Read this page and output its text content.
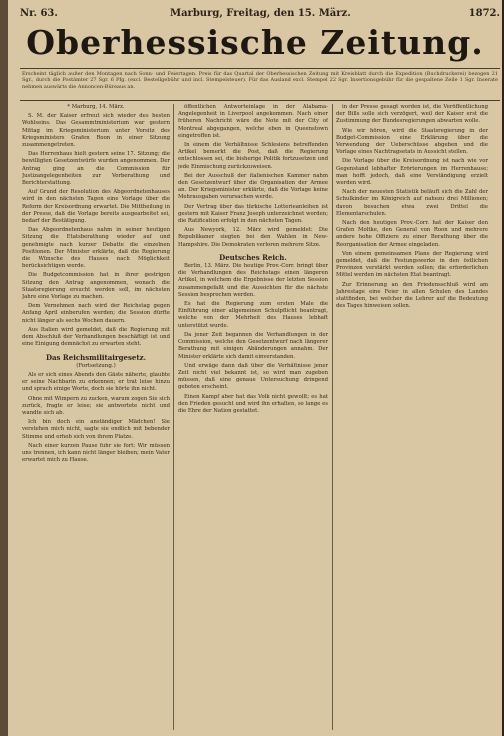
Nr. 63.	Marburg, Freitag, den 15. März.	1872.
Oberhessische Zeitung.
Erscheint täglich außer den Montagen nach Sonn- und Feiertagen. Preis für das Quartal der Oberhessischen Zeitung mit Kreisblatt durch die Expedition (Buchdruckerei) bezogen 21 Sgr., durch die Postämter 27 Sgr. 6 Pfg. (excl. Bestellgebühr und incl. Stempelsteuer). Für das Ausland excl. Stempel 22 Sgr. Insertionsgebühr für die gespaltene Zeile 1 Sgr. Inserate nehmen auswärts die Annoncen-Büreaus an.

* Marburg, 14. März.

S. M. der Kaiser erfreut sich wieder des besten Wohlseins. Das Gesammtministerium war gestern Mittag im Kriegsministerium unter Vorsitz des Kriegsministers Grafen Roon in einer Sitzung zusammengetreten.

Das Herrenhaus hielt gestern seine 17. Sitzung; die bewilligten Gesetzentwürfe wurden angenommen. Der Antrag ging an die Commission für Justizangelegenheiten zur Vorberathung und Berichterstattung.

Auf Grund der Resolution des Abgeordnetenhauses wird in den nächsten Tagen eine Vorlage über die Reform der Kreisordnung erwartet. Die Mittheilung in der Presse, daß die Vorlage bereits ausgearbeitet sei, bedarf der Bestätigung.

Das Abgeordnetenhaus nahm in seiner heutigen Sitzung die Etatsberathung wieder auf und genehmigte nach kurzer Debatte die einzelnen Positionen. Der Minister erklärte, daß die Regierung die Wünsche des Hauses nach Möglichkeit berücksichtigen werde.

Die Budgetcommission hat in ihrer gestrigen Sitzung den Antrag angenommen, wonach die Staatsregierung ersucht werden soll, im nächsten Jahre eine Vorlage zu machen.

Dem Vernehmen nach wird der Reichstag gegen Anfang April einberufen werden; die Session dürfte nicht länger als sechs Wochen dauern.

Aus Italien wird gemeldet, daß die Regierung mit dem Abschluß der Verhandlungen beschäftigt ist und eine Einigung demnächst zu erwarten steht.

Das Reichsmilitairgesetz.

(Fortsetzung.)

Als er sich eines Abends den Gäste näherte, glaubte er seine Nachbarin zu erkennen; er trat leise hinzu und sprach einige Worte, doch sie hörte ihn nicht.

Ohne mit Wimpern zu zucken, warum zogen Sie sich zurück, fragte er leise; sie antwortete nicht und wandte sich ab.

Ich bin doch ein anständiger Mädchen! Sie verstehen mich nicht, sagte sie endlich mit bebender Stimme und erhob sich von ihrem Platze.

Nach einer kurzen Pause fuhr sie fort: Wir müssen uns trennen, ich kann nicht länger bleiben; mein Vater erwartet mich zu Hause.

öffentlichen Antworteinlage in der Alabama-Angelegenheit in Liverpool angekommen. Nach einer früheren Nachricht wäre die Note mit der City of Montreal abgegangen, welche eben in Queenstown eingetroffen ist.

In einem die Verhältnisse Schlesiens betreffenden Artikel bemerkt die Post, daß die Regierung entschlossen sei, die bisherige Politik fortzusetzen und jede Einmischung zurückzuweisen.

Bei der Ausschuß der italienischen Kammer nahm den Gesetzentwurf über die Organisation der Armee an. Der Kriegsminister erklärte, daß die Vorlage keine Mehrausgaben verursachen werde.

Der Vertrag über das türkische Lotterieanleihen ist gestern mit Kaiser Franz Joseph unterzeichnet worden; die Ratification erfolgt in den nächsten Tagen.

Aus Newyork, 12. März wird gemeldet: Die Republikaner siegten bei den Wahlen in New-Hampshire. Die Demokraten verloren mehrere Sitze.

Deutsches Reich.

Berlin, 13. März. Die heutige Prov.-Corr. bringt über die Verhandlungen des Reichstags einen längeren Artikel, in welchem die Ergebnisse der letzten Session zusammengefaßt und die Aussichten für die nächste Session besprochen werden.

Es hat die Regierung zum ersten Male die Einführung einer allgemeinen Schulpflicht beantragt, welche von der Mehrheit des Hauses lebhaft unterstützt wurde.

Da jener Zeit begannen die Verhandlungen in der Commission, welche den Gesetzentwurf nach längerer Berathung mit einigen Abänderungen annahm. Der Minister erklärte sich damit einverstanden.

Und erwäge dann daß über die Verhältnisse jener Zeit nicht viel bekannt ist, so wird man zugeben müssen, daß eine genaue Untersuchung dringend geboten erscheint.

Einen Kampf aber hat das Volk nicht gewollt; es hat den Frieden gesucht und wird ihn erhalten, so lange es die Ehre der Nation gestattet.

in der Presse gesagt worden ist, die Veröffentlichung der Bills solle sich verzögert, weil der Kaiser erst die Zustimmung der Bundesregierungen abwarten wolle.

Wie wir hören, wird die Staatsregierung in der Budget-Commission eine Erklärung über die Verwendung der Ueberschüsse abgeben und die Vorlage eines Nachtragsetats in Aussicht stellen.

Die Vorlage über die Kreisordnung ist nach wie vor Gegenstand lebhafter Erörterungen im Herrenhause; man hofft jedoch, daß eine Verständigung erzielt werden wird.

Nach der neuesten Statistik beläuft sich die Zahl der Schulkinder im Königreich auf nahezu drei Millionen; davon besuchen etwa zwei Drittel die Elementarschulen.

Nach den heutigen Prov.-Corr. hat der Kaiser den Grafen Moltke, den General von Roon und mehrere andere hohe Offiziere zu einer Berathung über die Reorganisation der Armee eingeladen.

Von einem gemeinsamen Plane der Regierung wird gemeldet, daß die Festungswerke in den östlichen Provinzen verstärkt werden sollen; die erforderlichen Mittel werden im nächsten Etat beantragt.

Zur Erinnerung an den Friedensschluß wird am Jahrestage eine Feier in allen Schulen des Landes stattfinden, bei welcher die Lehrer auf die Bedeutung des Tages hinweisen sollen.
